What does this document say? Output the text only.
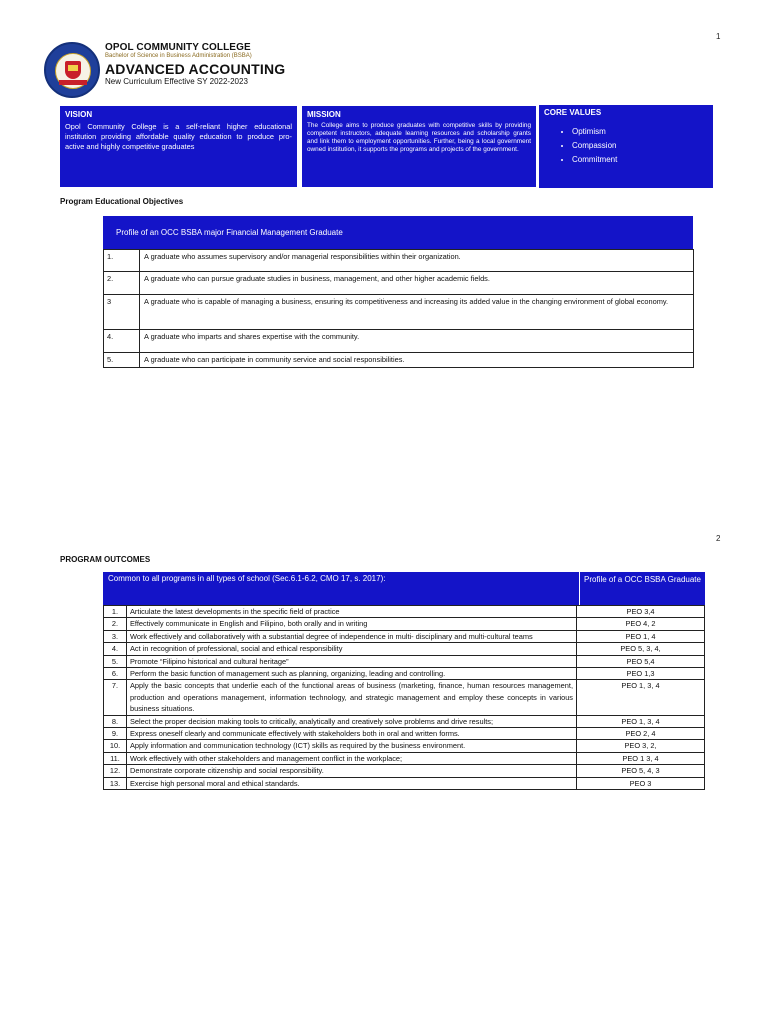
1
2
OPOL COMMUNITY COLLEGE
Bachelor of Science in Business Administration (BSBA)
ADVANCED ACCOUNTING
New Curriculum Effective SY 2022-2023
VISION
Opol Community College is a self-reliant higher educational institution providing affordable quality education to produce pro-active and highly competitive graduates
MISSION
The College aims to produce graduates with competitive skills by providing competent instructors, adequate learning resources and scholarship grants and link them to employment opportunities. Further, being a local government owned institution, it supports the programs and projects of the government.
CORE VALUES
• Optimism
• Compassion
• Commitment
Program Educational Objectives
Profile of an OCC BSBA major Financial Management Graduate
1.	A graduate who assumes supervisory and/or managerial responsibilities within their organization.
2.	A graduate who can pursue graduate studies in business, management, and other higher academic fields.
3	A graduate who is capable of managing a business, ensuring its competitiveness and increasing its added value in the changing environment of global economy.
4.	A graduate who imparts and shares expertise with the community.
5.	A graduate who can participate in community service and social responsibilities.
PROGRAM OUTCOMES
Common to all programs in all types of school (Sec.6.1-6.2, CMO 17, s. 2017):	Profile of a OCC BSBA Graduate
1.	Articulate the latest developments in the specific field of practice	PEO 3,4
2.	Effectively communicate in English and Filipino, both orally and in writing	PEO 4, 2
3.	Work effectively and collaboratively with a substantial degree of independence in multi- disciplinary and multi-cultural teams	PEO 1, 4
4.	Act in recognition of professional, social and ethical responsibility	PEO 5, 3, 4,
5.	Promote “Filipino historical and cultural heritage”	PEO 5,4
6.	Perform the basic function of management such as planning, organizing, leading and controlling.	PEO 1,3
7.	Apply the basic concepts that underlie each of the functional areas of business (marketing, finance, human resources management, production and operations management, information technology, and strategic management and employ these concepts in various business situations.	PEO 1, 3, 4
8.	Select the proper decision making tools to critically, analytically and creatively solve problems and drive results;	PEO 1, 3, 4
9.	Express oneself clearly and communicate effectively with stakeholders both in oral and written forms.	PEO 2, 4
10.	Apply information and communication technology (ICT) skills as required by the business environment.	PEO 3, 2,
11.	Work effectively with other stakeholders and management conflict in the workplace;	PEO 1 3, 4
12.	Demonstrate corporate citizenship and social responsibility.	PEO 5, 4, 3
13.	Exercise high personal moral and ethical standards.	PEO 3
